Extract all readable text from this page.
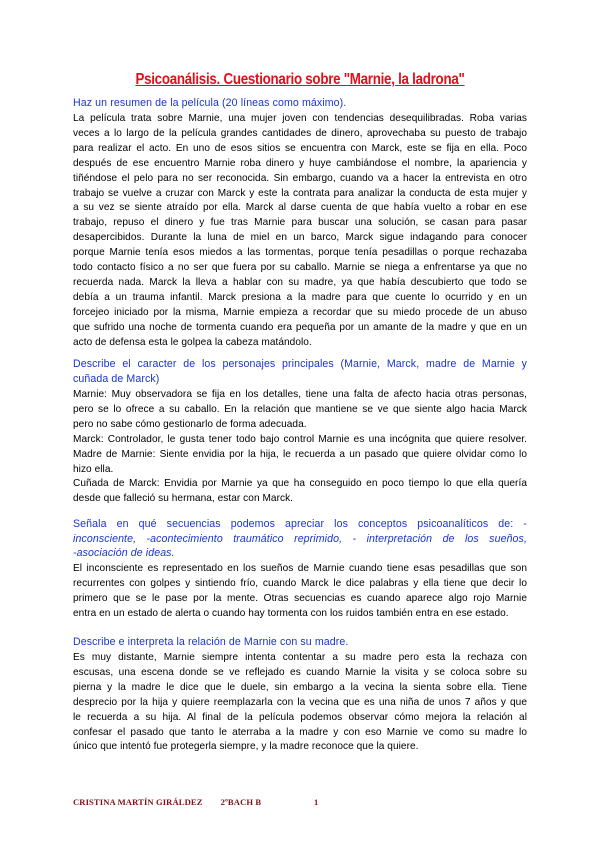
Psicoanálisis. Cuestionario sobre "Marnie, la ladrona"
Haz un resumen de la película (20 líneas como máximo).
La película trata sobre Marnie, una mujer joven con tendencias desequilibradas. Roba varias
veces a lo largo de la película grandes cantidades de dinero, aprovechaba su puesto de trabajo
para realizar el acto. En uno de esos sitios se encuentra con Marck, este se fija en ella. Poco
después de ese encuentro Marnie roba dinero y huye cambiándose el nombre, la apariencia y
tiñéndose el pelo para no ser reconocida. Sin embargo, cuando va a hacer la entrevista en otro
trabajo se vuelve a cruzar con Marck y este la contrata para analizar la conducta de esta mujer y
a su vez se siente atraído por ella. Marck al darse cuenta de que había vuelto a robar en ese
trabajo, repuso el dinero y fue tras Marnie para buscar una solución, se casan para pasar
desapercibidos. Durante la luna de miel en un barco, Marck sigue indagando para conocer
porque Marnie tenía esos miedos a las tormentas, porque tenía pesadillas o porque rechazaba
todo contacto físico a no ser que fuera por su caballo. Marnie se niega a enfrentarse ya que no
recuerda nada. Marck la lleva a hablar con su madre, ya que había descubierto que todo se
debía a un trauma infantil. Marck presiona a la madre para que cuente lo ocurrido y en un
forcejeo iniciado por la misma, Marnie empieza a recordar que su miedo procede de un abuso
que sufrido una noche de tormenta cuando era pequeña por un amante de la madre y que en un
acto de defensa esta le golpea la cabeza matándolo.
Describe el caracter de los personajes principales (Marnie, Marck, madre de Marnie y
cuñada de Marck)
Marnie: Muy observadora se fija en los detalles, tiene una falta de afecto hacia otras personas,
pero se lo ofrece a su caballo. En la relación que mantiene se ve que siente algo hacia Marck
pero no sabe cómo gestionarlo de forma adecuada.
Marck: Controlador, le gusta tener todo bajo control Marnie es una incógnita que quiere resolver.
Madre de Marnie: Siente envidia por la hija, le recuerda a un pasado que quiere olvidar como lo
hizo ella.
Cuñada de Marck: Envidia por Marnie ya que ha conseguido en poco tiempo lo que ella quería
desde que falleció su hermana, estar con Marck.
Señala en qué secuencias podemos apreciar los conceptos psicoanalíticos de: -
inconsciente, -acontecimiento traumático reprimido, - interpretación de los sueños,
-asociación de ideas.
El inconsciente es representado en los sueños de Marnie cuando tiene esas pesadillas que son
recurrentes con golpes y sintiendo frío, cuando Marck le dice palabras y ella tiene que decir lo
primero que se le pase por la mente. Otras secuencias es cuando aparece algo rojo Marnie
entra en un estado de alerta o cuando hay tormenta con los ruidos también entra en ese estado.
Describe e interpreta la relación de Marnie con su madre.
Es muy distante, Marnie siempre intenta contentar a su madre pero esta la rechaza con
escusas, una escena donde se ve reflejado es cuando Marnie la visita y se coloca sobre su
pierna y la madre le dice que le duele, sin embargo a la vecina la sienta sobre ella. Tiene
desprecio por la hija y quiere reemplazarla con la vecina que es una niña de unos 7 años y que
le recuerda a su hija. Al final de la película podemos observar cómo mejora la relación al
confesar el pasado que tanto le aterraba a la madre y con eso Marnie ve como su madre lo
único que intentó fue protegerla siempre, y la madre reconoce que la quiere.
CRISTINA MARTÍN GIRÁLDEZ 2ºBACH B	1
